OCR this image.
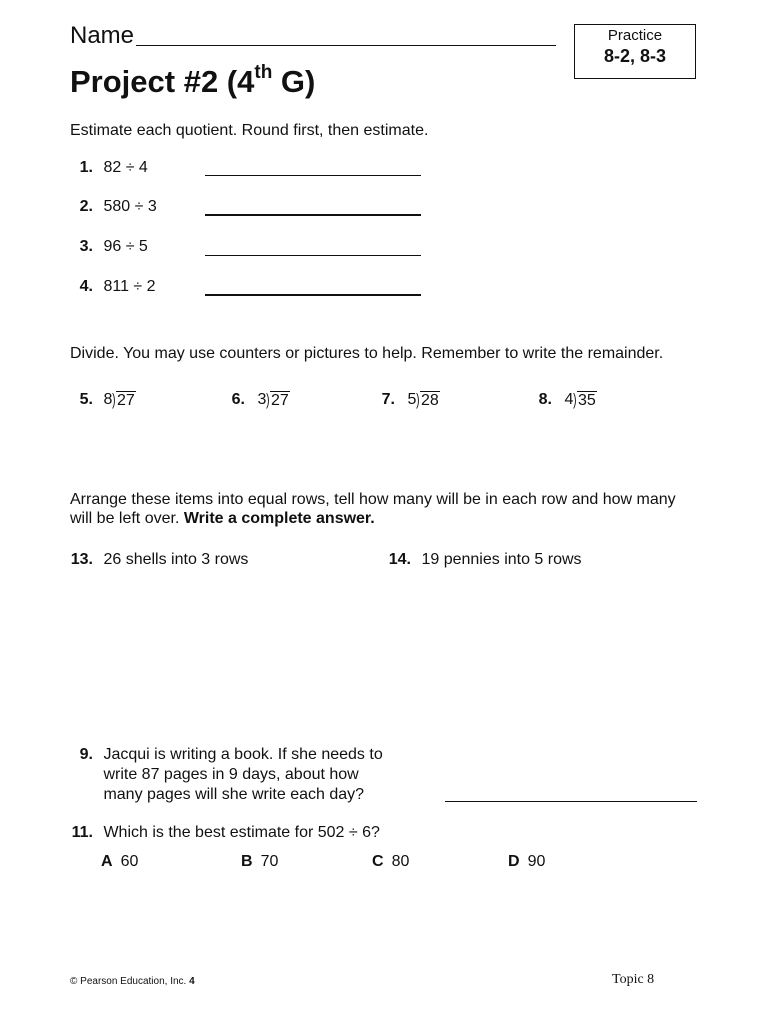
Name	Practice
8-2, 8-3
Project #2 (4th G)
Estimate each quotient. Round first, then estimate.
1. 82 ÷ 4
2. 580 ÷ 3
3. 96 ÷ 5
4. 811 ÷ 2
Divide. You may use counters or pictures to help. Remember to write the remainder.
5. 8 ) 27	6. 3 ) 27	7. 5 ) 28	8. 4 ) 35
Arrange these items into equal rows, tell how many will be in each row and how many
will be left over. Write a complete answer.
13. 26 shells into 3 rows	14. 19 pennies into 5 rows
9. Jacqui is writing a book. If she needs to
write 87 pages in 9 days, about how
many pages will she write each day?
11. Which is the best estimate for 502 ÷ 6?
A 60	B 70	C 80	D 90
© Pearson Education, Inc. 4	Topic 8
